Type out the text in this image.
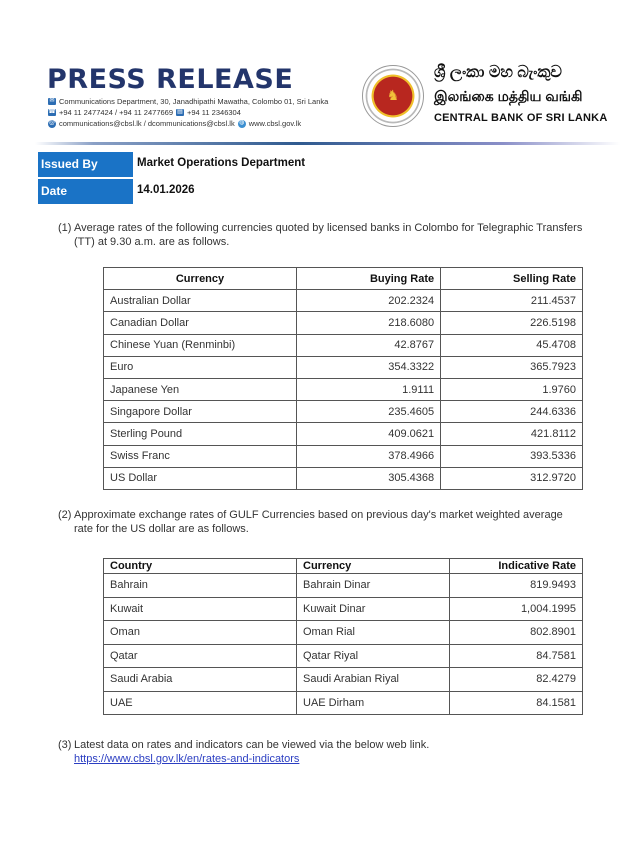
PRESS RELEASE
✉ Communications Department, 30, Janadhipathi Mawatha, Colombo 01, Sri Lanka
☎ +94 11 2477424 / +94 11 2477669 ▤ +94 11 2346304
@ communications@cbsl.lk / dcommunications@cbsl.lk ◍ www.cbsl.gov.lk
♞
ශ්‍රී ලංකා මහ බැංකුව
இலங்கை மத்திய வங்கி
CENTRAL BANK OF SRI LANKA
Issued By	Market Operations Department
Date	14.01.2026
(1) Average rates of the following currencies quoted by licensed banks in Colombo for Telegraphic Transfers
(TT) at 9.30 a.m. are as follows.
Currency	Buying Rate	Selling Rate
Australian Dollar	202.2324	211.4537
Canadian Dollar	218.6080	226.5198
Chinese Yuan (Renminbi)	42.8767	45.4708
Euro	354.3322	365.7923
Japanese Yen	1.9111	1.9760
Singapore Dollar	235.4605	244.6336
Sterling Pound	409.0621	421.8112
Swiss Franc	378.4966	393.5336
US Dollar	305.4368	312.9720
(2) Approximate exchange rates of GULF Currencies based on previous day's market weighted average
rate for the US dollar are as follows.
Country	Currency	Indicative Rate
Bahrain	Bahrain Dinar	819.9493
Kuwait	Kuwait Dinar	1,004.1995
Oman	Oman Rial	802.8901
Qatar	Qatar Riyal	84.7581
Saudi Arabia	Saudi Arabian Riyal	82.4279
UAE	UAE Dirham	84.1581
(3) Latest data on rates and indicators can be viewed via the below web link.
https://www.cbsl.gov.lk/en/rates-and-indicators
